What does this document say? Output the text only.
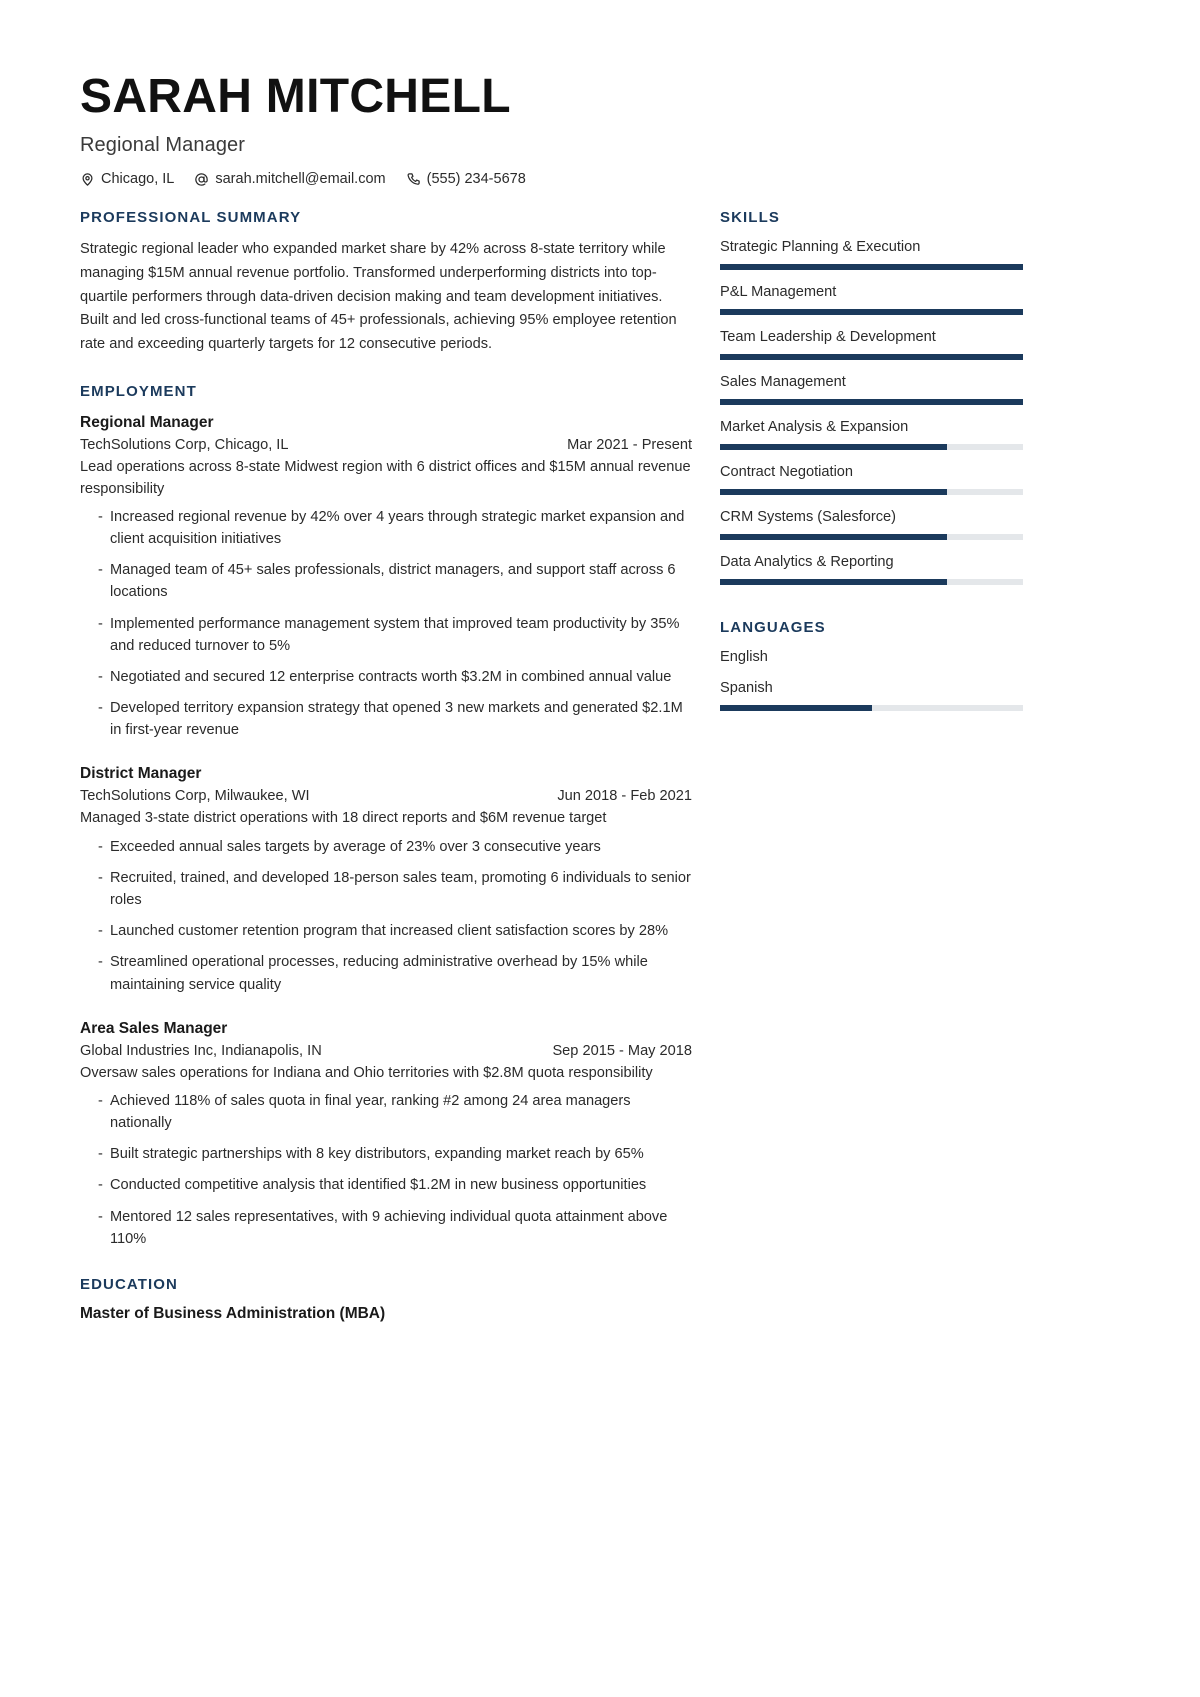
SARAH MITCHELL
Regional Manager
Chicago, IL	sarah.mitchell@email.com	(555) 234-5678
PROFESSIONAL SUMMARY

Strategic regional leader who expanded market share by 42% across 8-state territory while managing $15M annual revenue portfolio. Transformed underperforming districts into top-quartile performers through data-driven decision making and team development initiatives. Built and led cross-functional teams of 45+ professionals, achieving 95% employee retention rate and exceeding quarterly targets for 12 consecutive periods.

EMPLOYMENT
Regional Manager
TechSolutions Corp, Chicago, IL	Mar 2021 - Present

Lead operations across 8-state Midwest region with 6 district offices and $15M annual revenue responsibility

- Increased regional revenue by 42% over 4 years through strategic market expansion and client acquisition initiatives
- Managed team of 45+ sales professionals, district managers, and support staff across 6 locations
- Implemented performance management system that improved team productivity by 35% and reduced turnover to 5%
- Negotiated and secured 12 enterprise contracts worth $3.2M in combined annual value
- Developed territory expansion strategy that opened 3 new markets and generated $2.1M in first-year revenue
District Manager
TechSolutions Corp, Milwaukee, WI	Jun 2018 - Feb 2021

Managed 3-state district operations with 18 direct reports and $6M revenue target

- Exceeded annual sales targets by average of 23% over 3 consecutive years
- Recruited, trained, and developed 18-person sales team, promoting 6 individuals to senior roles
- Launched customer retention program that increased client satisfaction scores by 28%
- Streamlined operational processes, reducing administrative overhead by 15% while maintaining service quality
Area Sales Manager
Global Industries Inc, Indianapolis, IN	Sep 2015 - May 2018

Oversaw sales operations for Indiana and Ohio territories with $2.8M quota responsibility

- Achieved 118% of sales quota in final year, ranking #2 among 24 area managers nationally
- Built strategic partnerships with 8 key distributors, expanding market reach by 65%
- Conducted competitive analysis that identified $1.2M in new business opportunities
- Mentored 12 sales representatives, with 9 achieving individual quota attainment above 110%
EDUCATION
Master of Business Administration (MBA)
SKILLS
Strategic Planning & Execution
P&L Management
Team Leadership & Development
Sales Management
Market Analysis & Expansion
Contract Negotiation
CRM Systems (Salesforce)
Data Analytics & Reporting
LANGUAGES
English
Spanish
